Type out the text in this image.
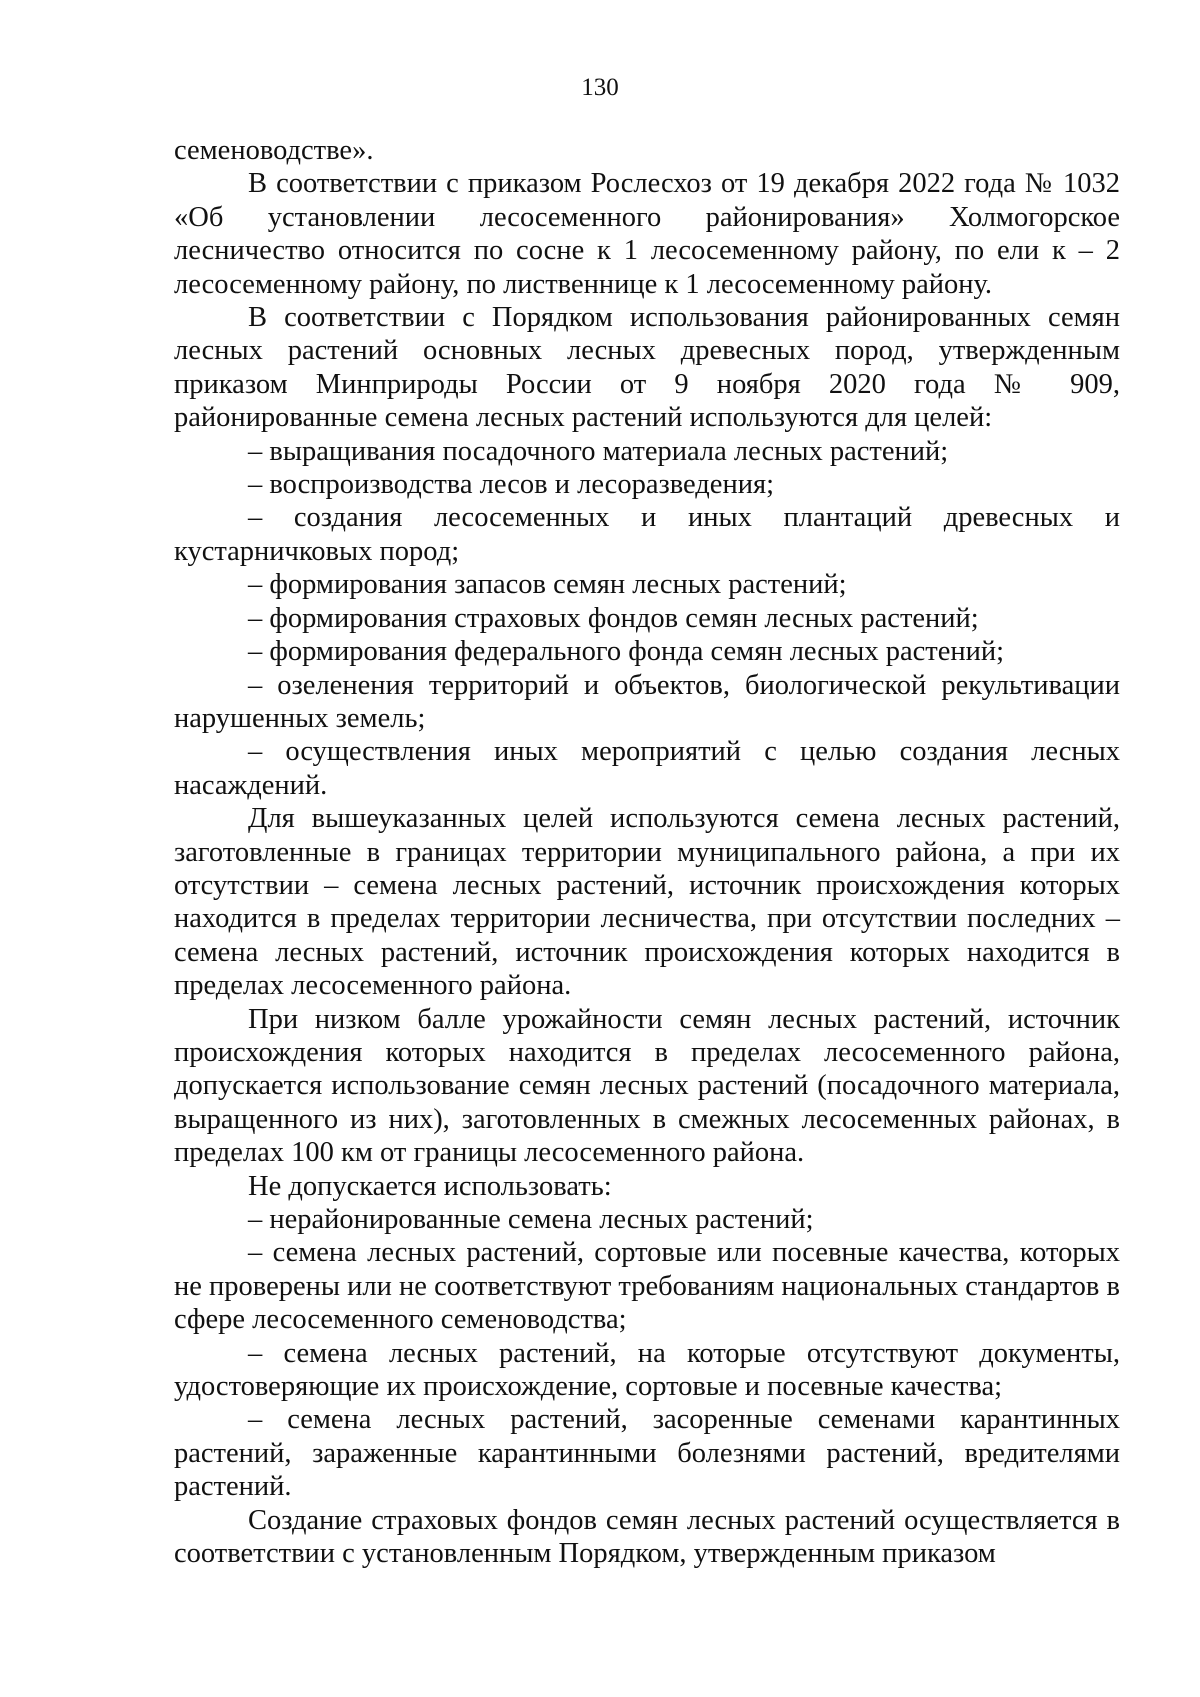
130

семеноводстве».

В соответствии с приказом Рослесхоз от 19 декабря 2022 года № 1032 «Об установлении лесосеменного районирования» Холмогорское лесничество относится по сосне к 1 лесосеменному району, по ели к – 2 лесосеменному району, по лиственнице к 1 лесосеменному району.

В соответствии с Порядком использования районированных семян лесных растений основных лесных древесных пород, утвержденным приказом Минприроды России от 9 ноября 2020 года № 909, районированные семена лесных растений используются для целей:

– выращивания посадочного материала лесных растений;

– воспроизводства лесов и лесоразведения;

– создания лесосеменных и иных плантаций древесных и кустарничковых пород;

– формирования запасов семян лесных растений;

– формирования страховых фондов семян лесных растений;

– формирования федерального фонда семян лесных растений;

– озеленения территорий и объектов, биологической рекультивации нарушенных земель;

– осуществления иных мероприятий с целью создания лесных насаждений.

Для вышеуказанных целей используются семена лесных растений, заготовленные в границах территории муниципального района, а при их отсутствии – семена лесных растений, источник происхождения которых находится в пределах территории лесничества, при отсутствии последних – семена лесных растений, источник происхождения которых находится в пределах лесосеменного района.

При низком балле урожайности семян лесных растений, источник происхождения которых находится в пределах лесосеменного района, допускается использование семян лесных растений (посадочного материала, выращенного из них), заготовленных в смежных лесосеменных районах, в пределах 100 км от границы лесосеменного района.

Не допускается использовать:

– нерайонированные семена лесных растений;

– семена лесных растений, сортовые или посевные качества, которых не проверены или не соответствуют требованиям национальных стандартов в сфере лесосеменного семеноводства;

– семена лесных растений, на которые отсутствуют документы, удостоверяющие их происхождение, сортовые и посевные качества;

– семена лесных растений, засоренные семенами карантинных растений, зараженные карантинными болезнями растений, вредителями растений.

Создание страховых фондов семян лесных растений осуществляется в соответствии с установленным Порядком, утвержденным приказом
